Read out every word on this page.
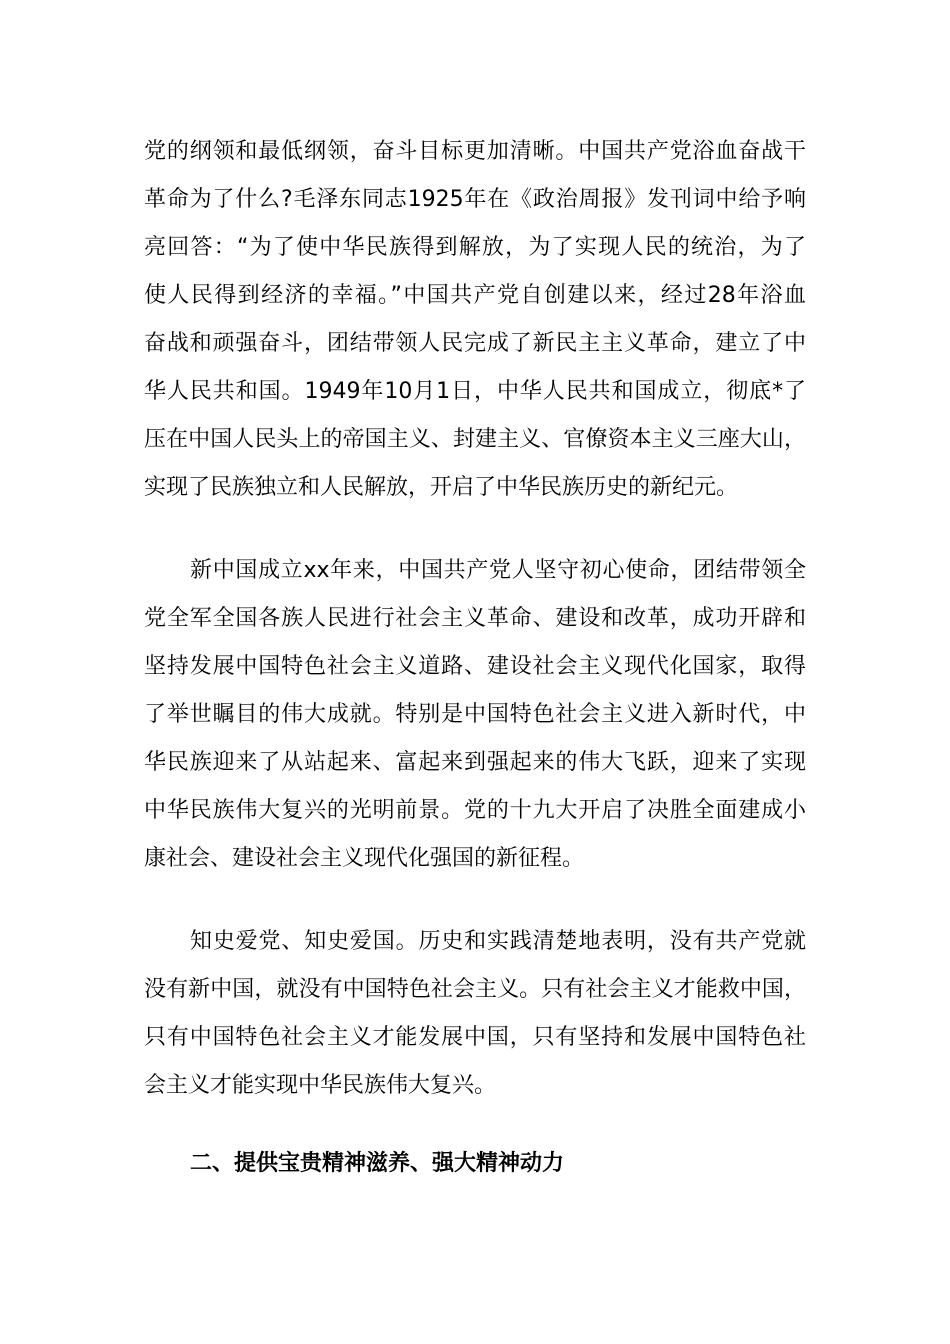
党的纲领和最低纲领，奋斗目标更加清晰。中国共产党浴血奋战干
革命为了什么?毛泽东同志1925年在《政治周报》发刊词中给予响
亮回答：“为了使中华民族得到解放，为了实现人民的统治，为了
使人民得到经济的幸福。”中国共产党自创建以来，经过28年浴血
奋战和顽强奋斗，团结带领人民完成了新民主主义革命，建立了中
华人民共和国。1949年10月1日，中华人民共和国成立，彻底*了
压在中国人民头上的帝国主义、封建主义、官僚资本主义三座大山，
实现了民族独立和人民解放，开启了中华民族历史的新纪元。
新中国成立xx年来，中国共产党人坚守初心使命，团结带领全
党全军全国各族人民进行社会主义革命、建设和改革，成功开辟和
坚持发展中国特色社会主义道路、建设社会主义现代化国家，取得
了举世瞩目的伟大成就。特别是中国特色社会主义进入新时代，中
华民族迎来了从站起来、富起来到强起来的伟大飞跃，迎来了实现
中华民族伟大复兴的光明前景。党的十九大开启了决胜全面建成小
康社会、建设社会主义现代化强国的新征程。
知史爱党、知史爱国。历史和实践清楚地表明，没有共产党就
没有新中国，就没有中国特色社会主义。只有社会主义才能救中国，
只有中国特色社会主义才能发展中国，只有坚持和发展中国特色社
会主义才能实现中华民族伟大复兴。
二、提供宝贵精神滋养、强大精神动力
